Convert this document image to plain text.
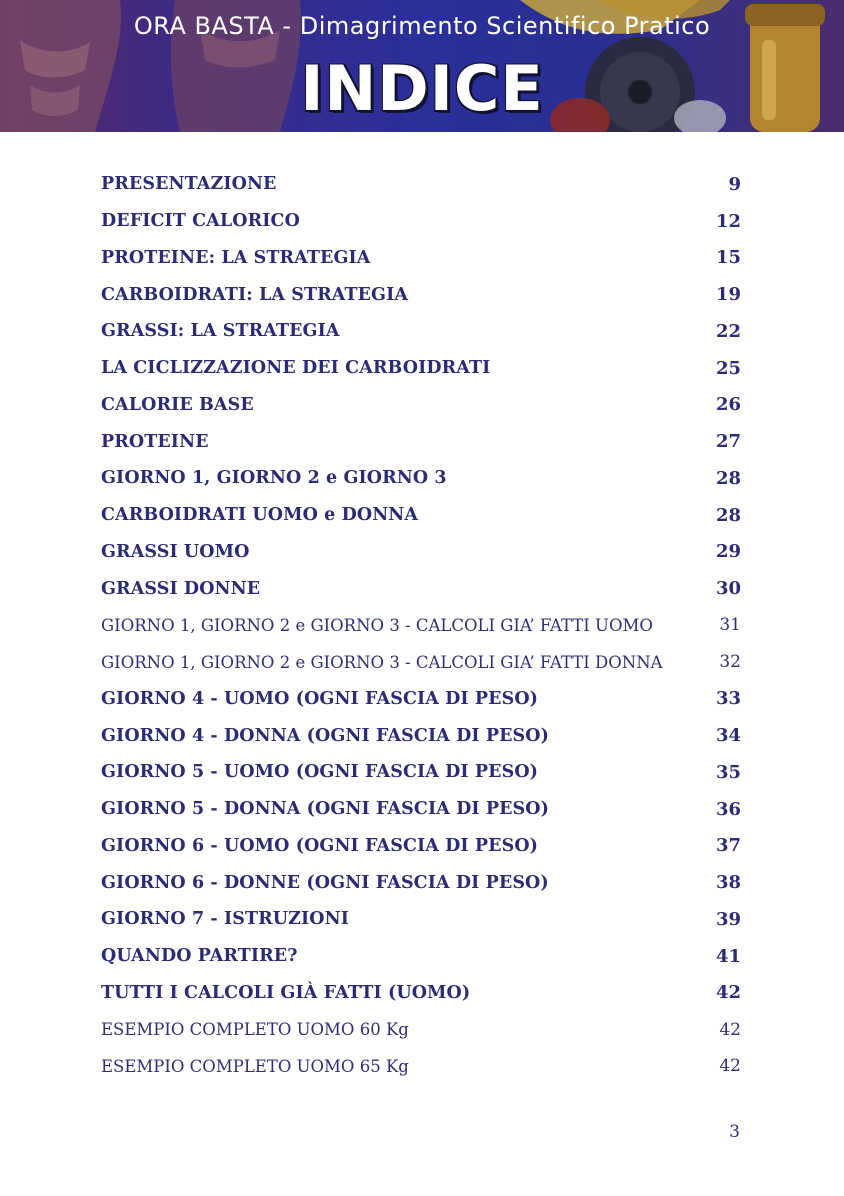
ORA BASTA - Dimagrimento Scientifico Pratico
INDICE
PRESENTAZIONE	9
DEFICIT CALORICO	12
PROTEINE: LA STRATEGIA	15
CARBOIDRATI: LA STRATEGIA	19
GRASSI: LA STRATEGIA	22
LA CICLIZZAZIONE DEI CARBOIDRATI	25
CALORIE BASE	26
PROTEINE	27
GIORNO 1, GIORNO 2 e GIORNO 3	28
CARBOIDRATI UOMO e DONNA	28
GRASSI UOMO	29
GRASSI DONNE	30
GIORNO 1, GIORNO 2 e GIORNO 3 - CALCOLI GIA’ FATTI UOMO	31
GIORNO 1, GIORNO 2 e GIORNO 3 - CALCOLI GIA’ FATTI DONNA	32
GIORNO 4 - UOMO (OGNI FASCIA DI PESO)	33
GIORNO 4 - DONNA (OGNI FASCIA DI PESO)	34
GIORNO 5 - UOMO (OGNI FASCIA DI PESO)	35
GIORNO 5 - DONNA (OGNI FASCIA DI PESO)	36
GIORNO 6 - UOMO (OGNI FASCIA DI PESO)	37
GIORNO 6 - DONNE (OGNI FASCIA DI PESO)	38
GIORNO 7 - ISTRUZIONI	39
QUANDO PARTIRE?	41
TUTTI I CALCOLI GIÀ FATTI (UOMO)	42
ESEMPIO COMPLETO UOMO 60 Kg	42
ESEMPIO COMPLETO UOMO 65 Kg	42
3
